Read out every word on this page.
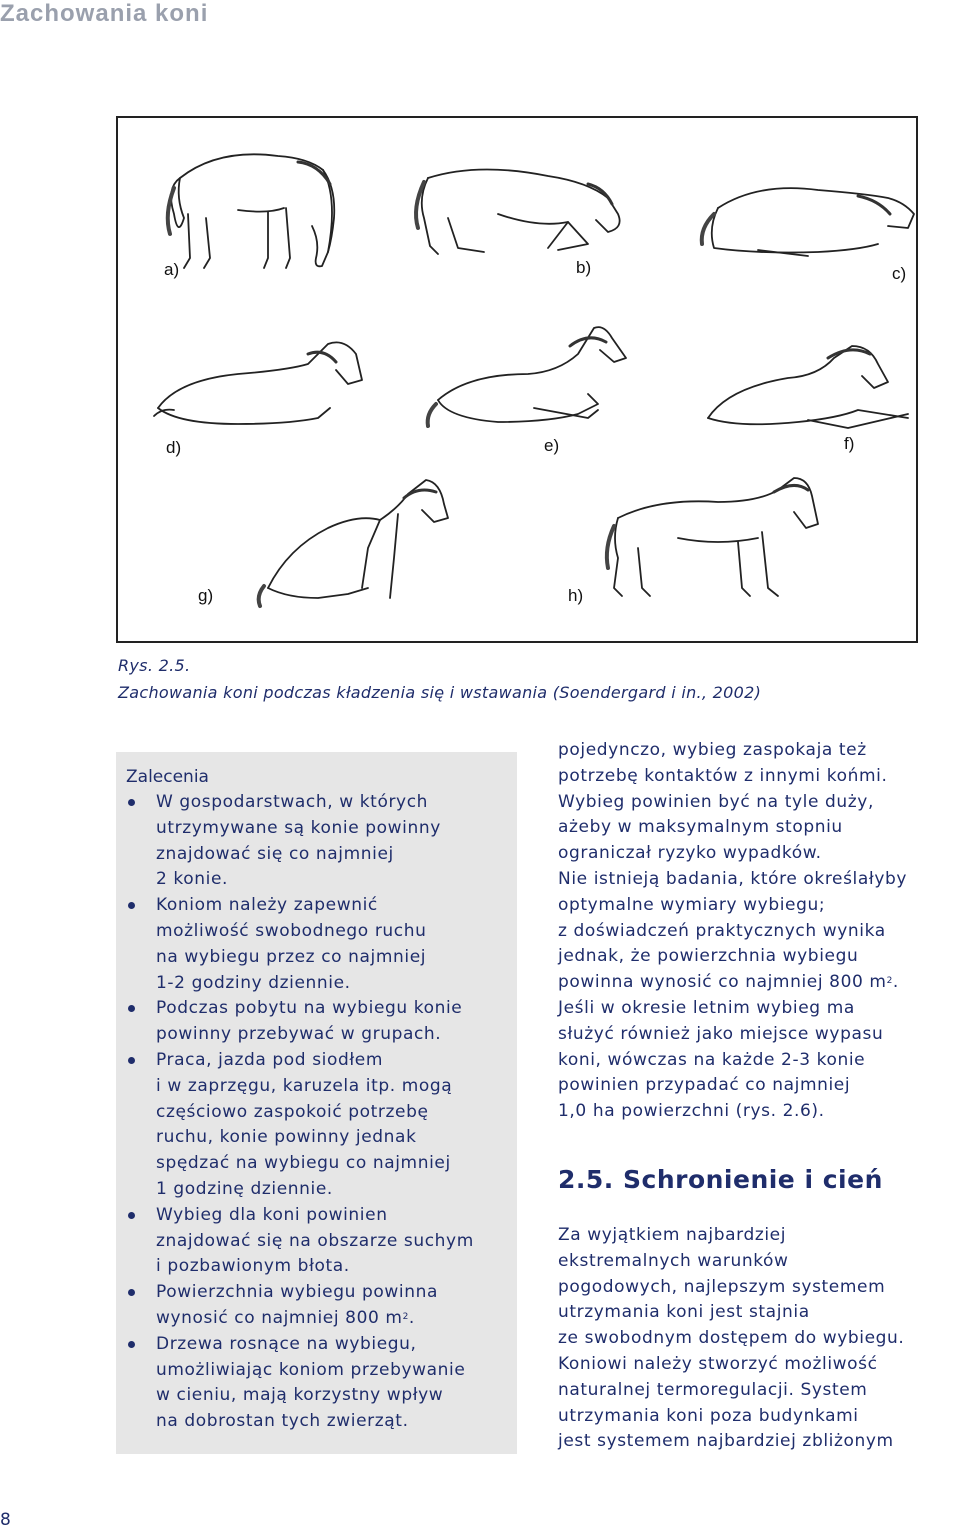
Zachowania koni
a)	b)	c)
d)	e)	f)
g)	h)
Rys. 2.5.
Zachowania koni podczas kładzenia się i wstawania (Soendergard i in., 2002)

Zalecenia

W gospodarstwach, w których
utrzymywane są konie powinny
znajdować się co najmniej
2 konie.
Koniom należy zapewnić
możliwość swobodnego ruchu
na wybiegu przez co najmniej
1-2 godziny dziennie.
Podczas pobytu na wybiegu konie
powinny przebywać w grupach.
Praca, jazda pod siodłem
i w zaprzęgu, karuzela itp. mogą
częściowo zaspokoić potrzebę
ruchu, konie powinny jednak
spędzać na wybiegu co najmniej
1 godzinę dziennie.
Wybieg dla koni powinien
znajdować się na obszarze suchym
i pozbawionym błota.
Powierzchnia wybiegu powinna
wynosić co najmniej 800 $m^2$.
Drzewa rosnące na wybiegu,
umożliwiając koniom przebywanie
w cieniu, mają korzystny wpływ
na dobrostan tych zwierząt.

pojedynczo, wybieg zaspokaja też
potrzebę kontaktów z innymi końmi.
Wybieg powinien być na tyle duży,
ażeby w maksymalnym stopniu
ograniczał ryzyko wypadków.

Nie istnieją badania, które określałyby
optymalne wymiary wybiegu;
z doświadczeń praktycznych wynika
jednak, że powierzchnia wybiegu
powinna wynosić co najmniej 800 $m^2$.
Jeśli w okresie letnim wybieg ma
służyć również jako miejsce wypasu
koni, wówczas na każde 2-3 konie
powinien przypadać co najmniej
1,0 ha powierzchni (rys. 2.6).

2.5. Schronienie i cień

Za wyjątkiem najbardziej
ekstremalnych warunków
pogodowych, najlepszym systemem
utrzymania koni jest stajnia
ze swobodnym dostępem do wybiegu.
Koniowi należy stworzyć możliwość
naturalnej termoregulacji. System
utrzymania koni poza budynkami
jest systemem najbardziej zbliżonym

8
